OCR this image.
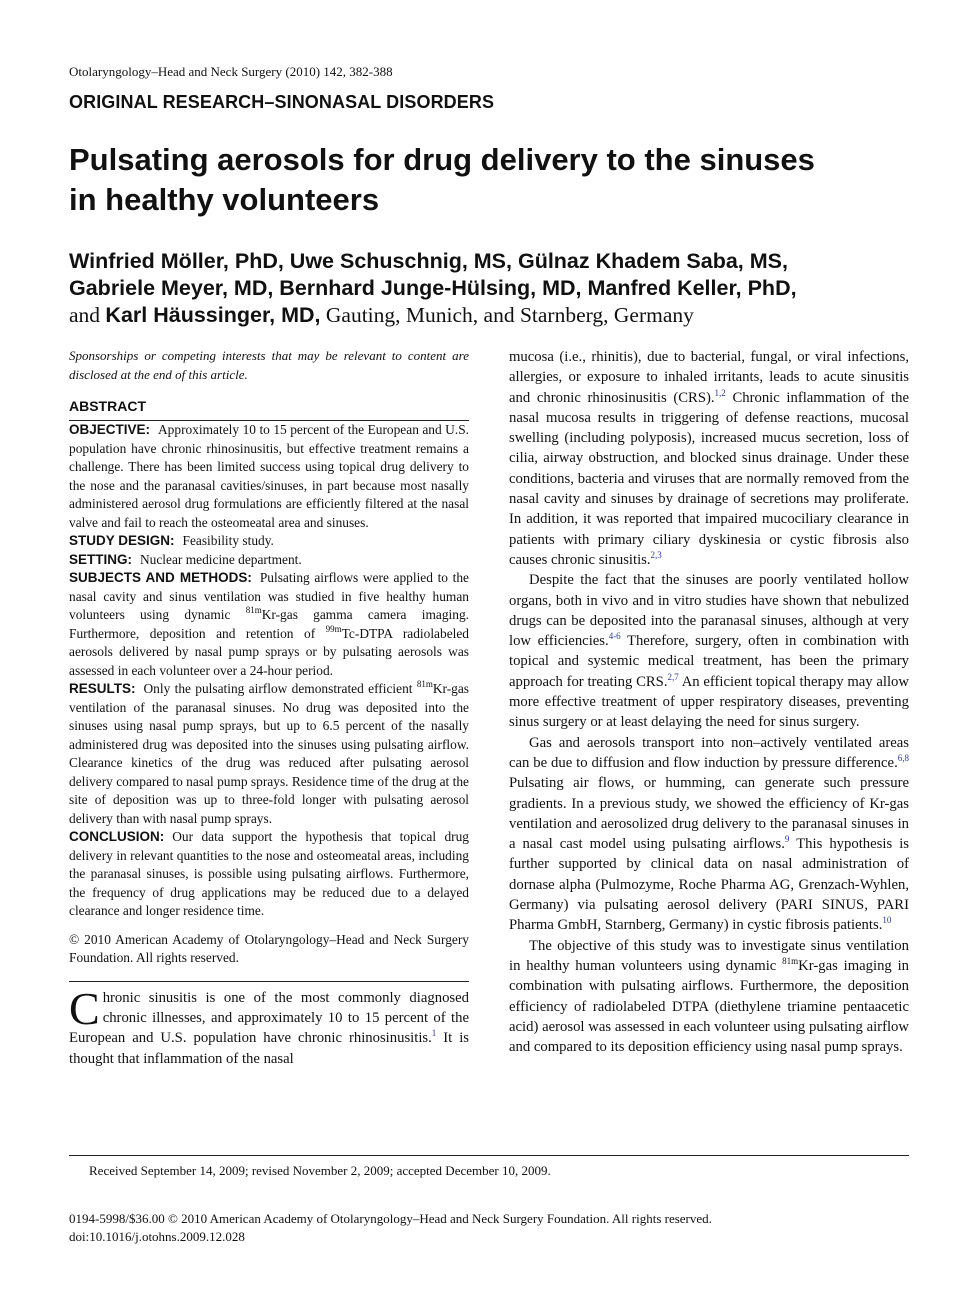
Otolaryngology–Head and Neck Surgery (2010) 142, 382-388
ORIGINAL RESEARCH–SINONASAL DISORDERS
Pulsating aerosols for drug delivery to the sinuses
in healthy volunteers
Winfried Möller, PhD, Uwe Schuschnig, MS, Gülnaz Khadem Saba, MS,
Gabriele Meyer, MD, Bernhard Junge-Hülsing, MD, Manfred Keller, PhD,
and Karl Häussinger, MD, Gauting, Munich, and Starnberg, Germany

Sponsorships or competing interests that may be relevant to content are disclosed at the end of this article.

ABSTRACT

OBJECTIVE: Approximately 10 to 15 percent of the European and U.S. population have chronic rhinosinusitis, but effective treatment remains a challenge. There has been limited success using topical drug delivery to the nose and the paranasal cavities/sinuses, in part because most nasally administered aerosol drug formulations are efficiently filtered at the nasal valve and fail to reach the osteomeatal area and sinuses.

STUDY DESIGN: Feasibility study.

SETTING: Nuclear medicine department.

SUBJECTS AND METHODS: Pulsating airflows were applied to the nasal cavity and sinus ventilation was studied in five healthy human volunteers using dynamic $^{81m}$Kr-gas gamma camera imaging. Furthermore, deposition and retention of $^{99m}$Tc-DTPA radiolabeled aerosols delivered by nasal pump sprays or by pulsating aerosols was assessed in each volunteer over a 24-hour period.

RESULTS: Only the pulsating airflow demonstrated efficient $^{81m}$Kr-gas ventilation of the paranasal sinuses. No drug was deposited into the sinuses using nasal pump sprays, but up to 6.5 percent of the nasally administered drug was deposited into the sinuses using pulsating airflow. Clearance kinetics of the drug was reduced after pulsating aerosol delivery compared to nasal pump sprays. Residence time of the drug at the site of deposition was up to three-fold longer with pulsating aerosol delivery than with nasal pump sprays.

CONCLUSION: Our data support the hypothesis that topical drug delivery in relevant quantities to the nose and osteomeatal areas, including the paranasal sinuses, is possible using pulsating airflows. Furthermore, the frequency of drug applications may be reduced due to a delayed clearance and longer residence time.

© 2010 American Academy of Otolaryngology–Head and Neck Surgery Foundation. All rights reserved.

Chronic sinusitis is one of the most commonly diagnosed chronic illnesses, and approximately 10 to 15 percent of the European and U.S. population have chronic rhinosinusitis.$^1$ It is thought that inflammation of the nasal

mucosa (i.e., rhinitis), due to bacterial, fungal, or viral infections, allergies, or exposure to inhaled irritants, leads to acute sinusitis and chronic rhinosinusitis (CRS).$^{1,2}$ Chronic inflammation of the nasal mucosa results in triggering of defense reactions, mucosal swelling (including polyposis), increased mucus secretion, loss of cilia, airway obstruction, and blocked sinus drainage. Under these conditions, bacteria and viruses that are normally removed from the nasal cavity and sinuses by drainage of secretions may proliferate. In addition, it was reported that impaired mucociliary clearance in patients with primary ciliary dyskinesia or cystic fibrosis also causes chronic sinusitis.$^{2,3}$

Despite the fact that the sinuses are poorly ventilated hollow organs, both in vivo and in vitro studies have shown that nebulized drugs can be deposited into the paranasal sinuses, although at very low efficiencies.$^{4-6}$ Therefore, surgery, often in combination with topical and systemic medical treatment, has been the primary approach for treating CRS.$^{2,7}$ An efficient topical therapy may allow more effective treatment of upper respiratory diseases, preventing sinus surgery or at least delaying the need for sinus surgery.

Gas and aerosols transport into non–actively ventilated areas can be due to diffusion and flow induction by pressure difference.$^{6,8}$ Pulsating air flows, or humming, can generate such pressure gradients. In a previous study, we showed the efficiency of Kr-gas ventilation and aerosolized drug delivery to the paranasal sinuses in a nasal cast model using pulsating airflows.$^9$ This hypothesis is further supported by clinical data on nasal administration of dornase alpha (Pulmozyme, Roche Pharma AG, Grenzach-Wyhlen, Germany) via pulsating aerosol delivery (PARI SINUS, PARI Pharma GmbH, Starnberg, Germany) in cystic fibrosis patients.$^{10}$

The objective of this study was to investigate sinus ventilation in healthy human volunteers using dynamic $^{81m}$Kr-gas imaging in combination with pulsating airflows. Furthermore, the deposition efficiency of radiolabeled DTPA (diethylene triamine pentaacetic acid) aerosol was assessed in each volunteer using pulsating airflow and compared to its deposition efficiency using nasal pump sprays.

Received September 14, 2009; revised November 2, 2009; accepted December 10, 2009.
0194-5998/$36.00 © 2010 American Academy of Otolaryngology–Head and Neck Surgery Foundation. All rights reserved.
doi:10.1016/j.otohns.2009.12.028
